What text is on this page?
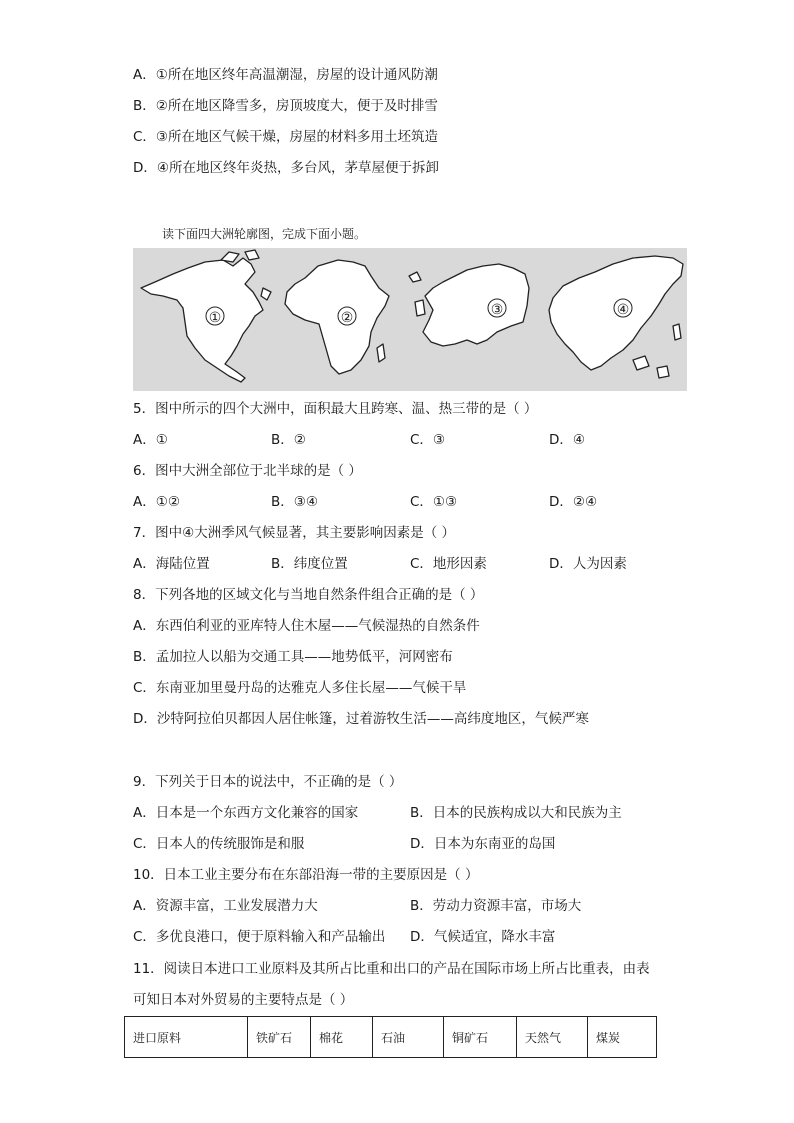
A．①所在地区终年高温潮湿，房屋的设计通风防潮
B．②所在地区降雪多，房顶坡度大，便于及时排雪
C．③所在地区气候干燥，房屋的材料多用土坯筑造
D．④所在地区终年炎热，多台风，茅草屋便于拆卸
读下面四大洲轮廓图，完成下面小题。
①	②	③	④
5．图中所示的四个大洲中，面积最大且跨寒、温、热三带的是（ ）
A．①	B．②	C．③	D．④
6．图中大洲全部位于北半球的是（ ）
A．①②	B．③④	C．①③	D．②④
7．图中④大洲季风气候显著，其主要影响因素是（ ）
A．海陆位置	B．纬度位置	C．地形因素	D．人为因素
8．下列各地的区域文化与当地自然条件组合正确的是（ ）
A．东西伯利亚的亚库特人住木屋——气候湿热的自然条件
B．孟加拉人以船为交通工具——地势低平，河网密布
C．东南亚加里曼丹岛的达雅克人多住长屋——气候干旱
D．沙特阿拉伯贝都因人居住帐篷，过着游牧生活——高纬度地区，气候严寒
9．下列关于日本的说法中，不正确的是（ ）
A．日本是一个东西方文化兼容的国家	B．日本的民族构成以大和民族为主
C．日本人的传统服饰是和服	D．日本为东南亚的岛国
10．日本工业主要分布在东部沿海一带的主要原因是（ ）
A．资源丰富，工业发展潜力大	B．劳动力资源丰富，市场大
C．多优良港口，便于原料输入和产品输出 D．气候适宜，降水丰富
11．阅读日本进口工业原料及其所占比重和出口的产品在国际市场上所占比重表，由表
可知日本对外贸易的主要特点是（ ）
进口原料	铁矿石	棉花	石油	铜矿石	天然气	煤炭
